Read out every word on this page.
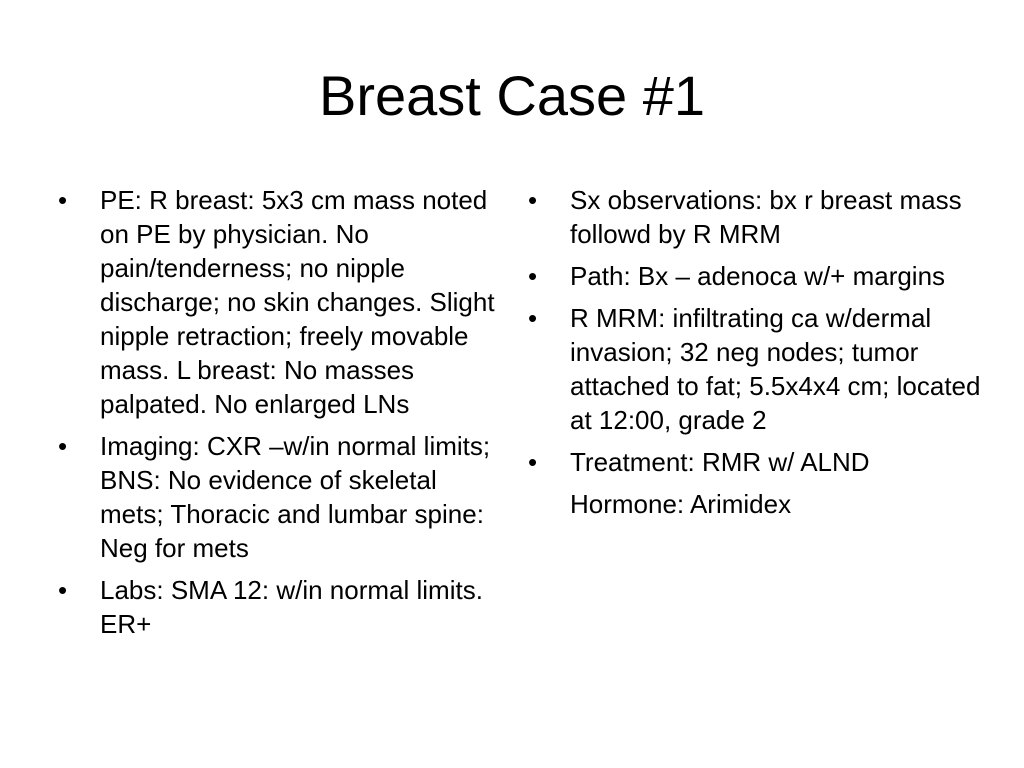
Breast Case #1
•	PE: R breast: 5x3 cm mass noted on PE by physician. No pain/tenderness; no nipple discharge; no skin changes. Slight nipple retraction; freely movable mass. L breast: No masses palpated. No enlarged LNs
•	Imaging: CXR –w/in normal limits; BNS: No evidence of skeletal mets; Thoracic and lumbar spine: Neg for mets
•	Labs: SMA 12: w/in normal limits. ER+
•	Sx observations: bx r breast mass followd by R MRM
•	Path: Bx – adenoca w/+ margins
•	R MRM: infiltrating ca w/dermal invasion; 32 neg nodes; tumor attached to fat; 5.5x4x4 cm; located at 12:00, grade 2
•	Treatment: RMR w/ ALND
Hormone: Arimidex
